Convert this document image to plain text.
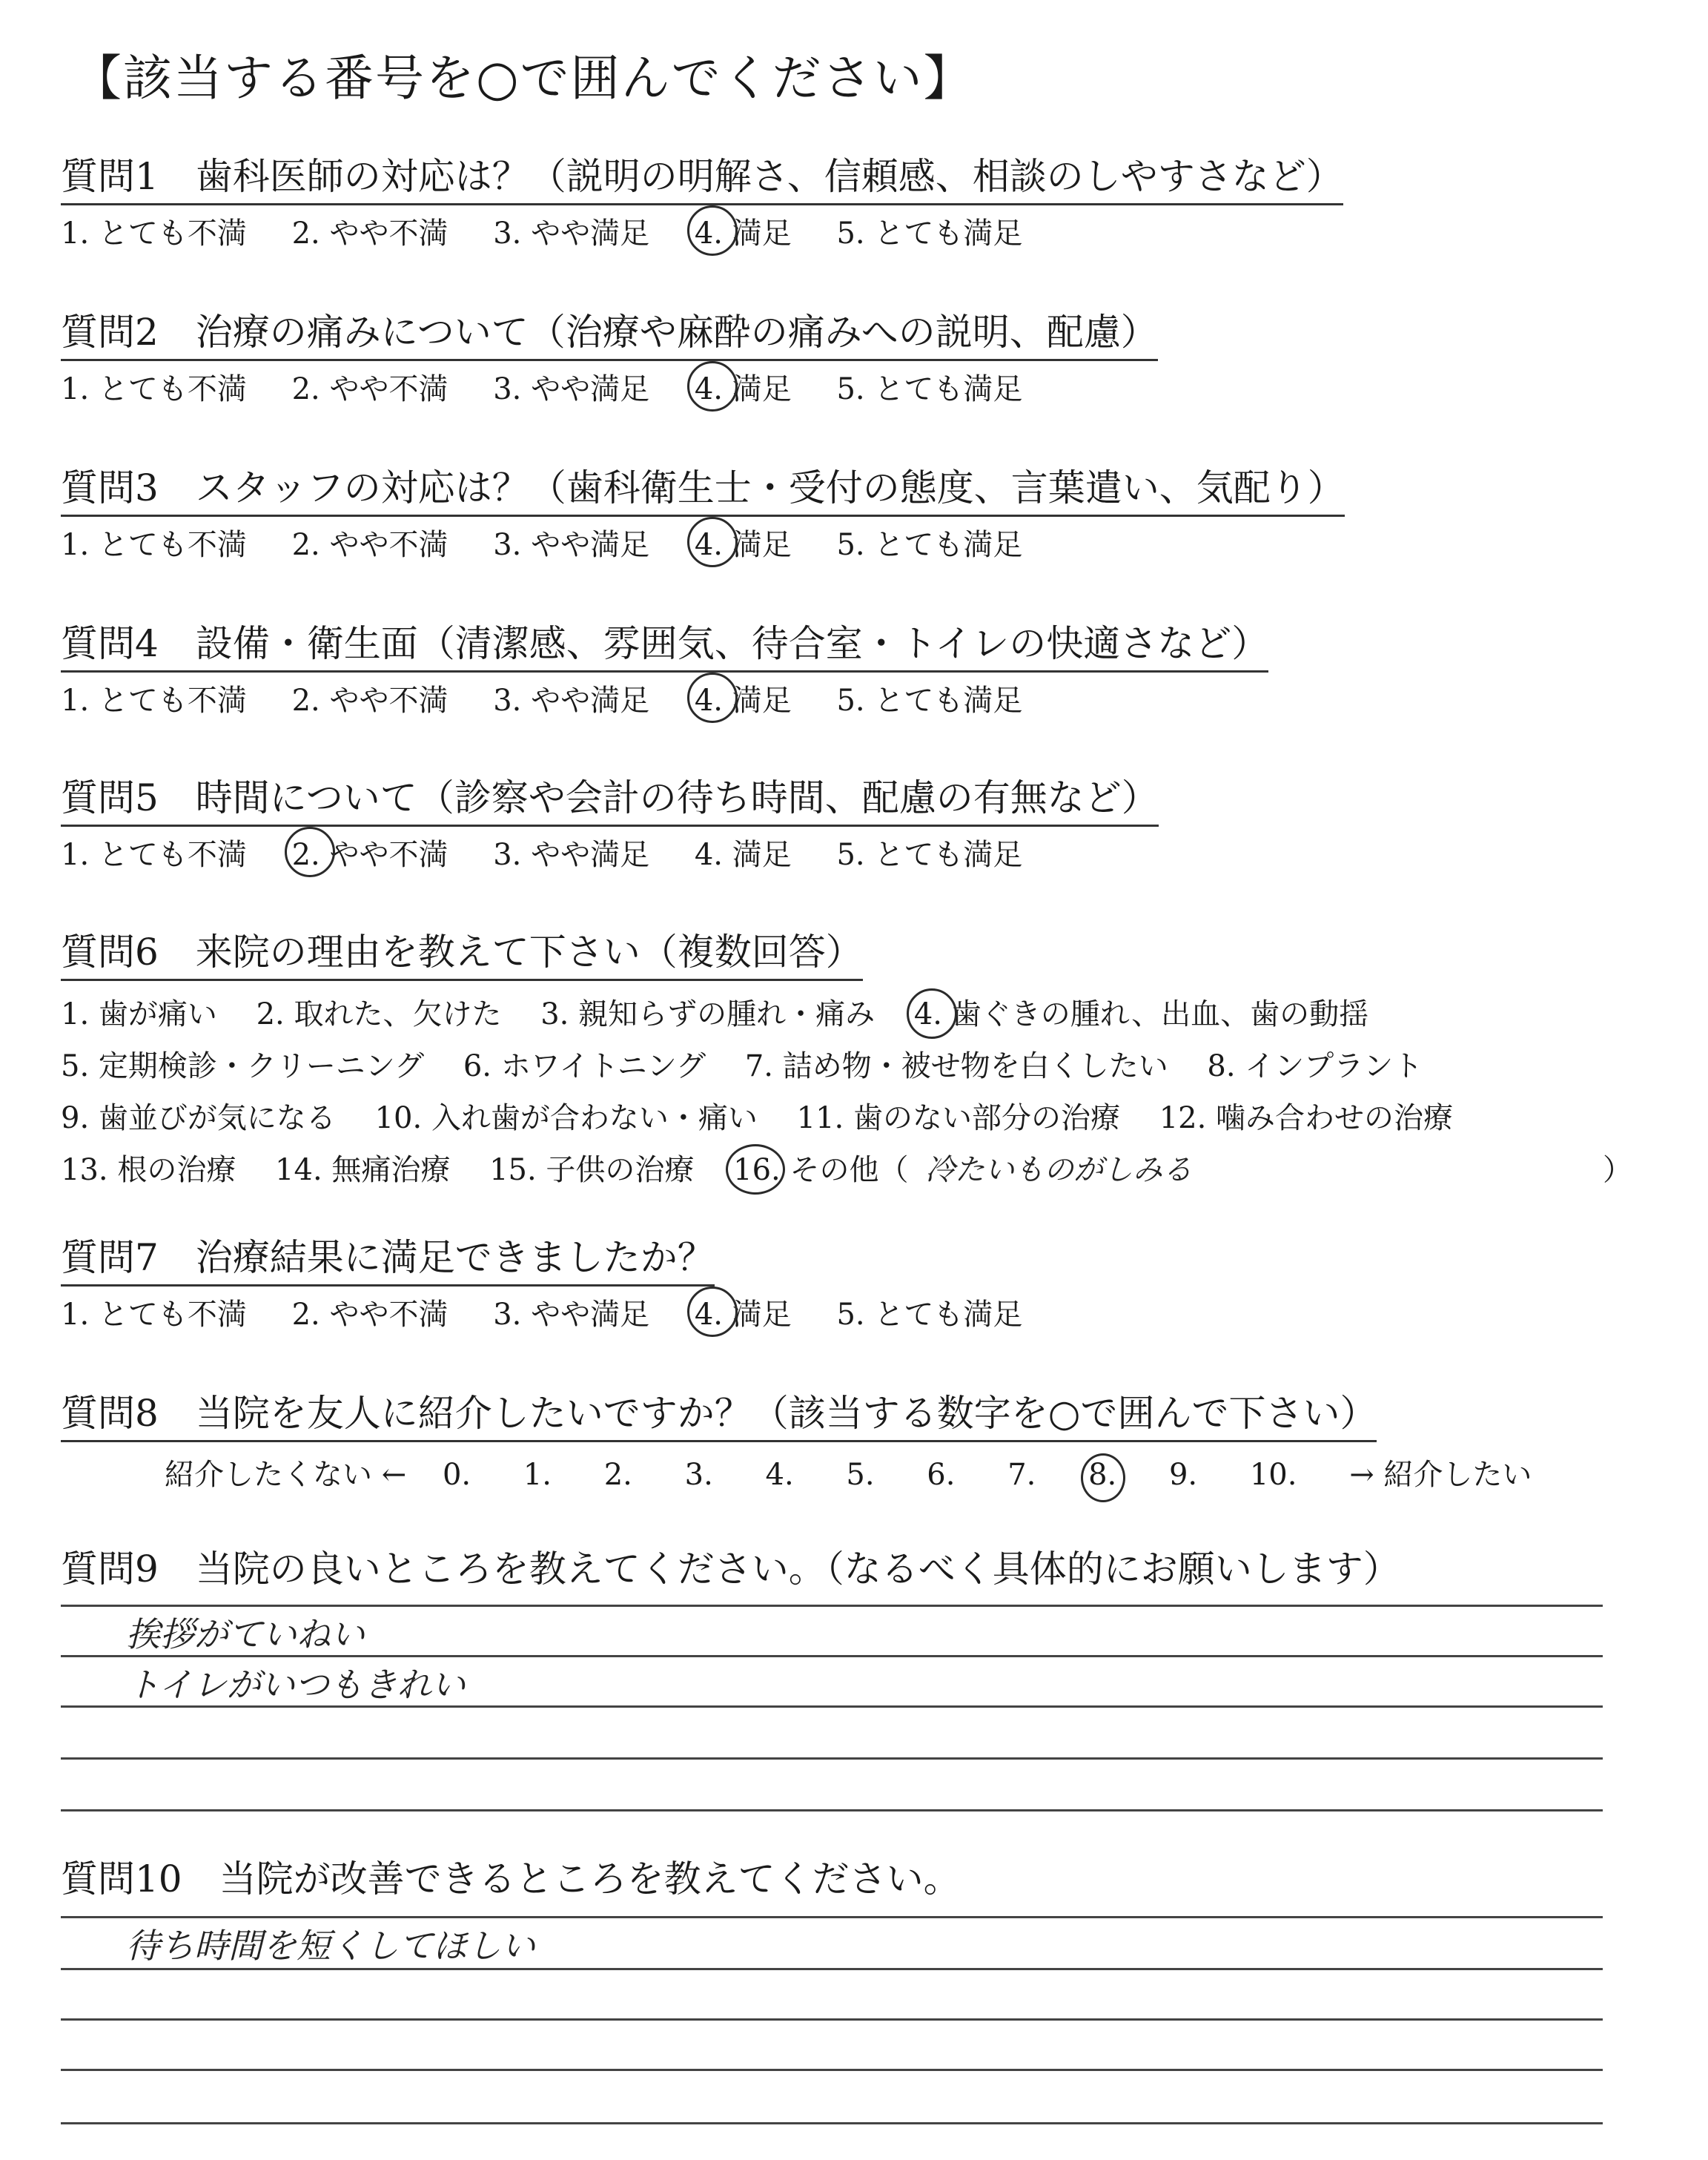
【該当する番号を○で囲んでください】
質問1　歯科医師の対応は？（説明の明解さ、信頼感、相談のしやすさなど）
1. とても不満 2. やや不満 3. やや満足 4. 満足 5. とても満足
質問2　治療の痛みについて（治療や麻酔の痛みへの説明、配慮）
1. とても不満 2. やや不満 3. やや満足 4. 満足 5. とても満足
質問3　スタッフの対応は？（歯科衛生士・受付の態度、言葉遣い、気配り）
1. とても不満 2. やや不満 3. やや満足 4. 満足 5. とても満足
質問4　設備・衛生面（清潔感、雰囲気、待合室・トイレの快適さなど）
1. とても不満 2. やや不満 3. やや満足 4. 満足 5. とても満足
質問5　時間について（診察や会計の待ち時間、配慮の有無など）
1. とても不満 2. やや不満 3. やや満足 4. 満足 5. とても満足
質問6　来院の理由を教えて下さい（複数回答）
1. 歯が痛い 2. 取れた、欠けた 3. 親知らずの腫れ・痛み 4. 歯ぐきの腫れ、出血、歯の動揺
5. 定期検診・クリーニング 6. ホワイトニング 7. 詰め物・被せ物を白くしたい 8. インプラント
9. 歯並びが気になる 10. 入れ歯が合わない・痛い 11. 歯のない部分の治療 12. 噛み合わせの治療
13. 根の治療 14. 無痛治療 15. 子供の治療 16. その他（ 冷たいものがしみる	）
質問7　治療結果に満足できましたか？
1. とても不満 2. やや不満 3. やや満足 4. 満足 5. とても満足
質問8　当院を友人に紹介したいですか？（該当する数字を○で囲んで下さい）
紹介したくない ← 0. 1. 2. 3. 4. 5. 6. 7. 8. 9. 10. → 紹介したい
質問9　当院の良いところを教えてください。（なるべく具体的にお願いします）
挨拶がていねい
トイレがいつもきれい
質問10　当院が改善できるところを教えてください。
待ち時間を短くしてほしい
